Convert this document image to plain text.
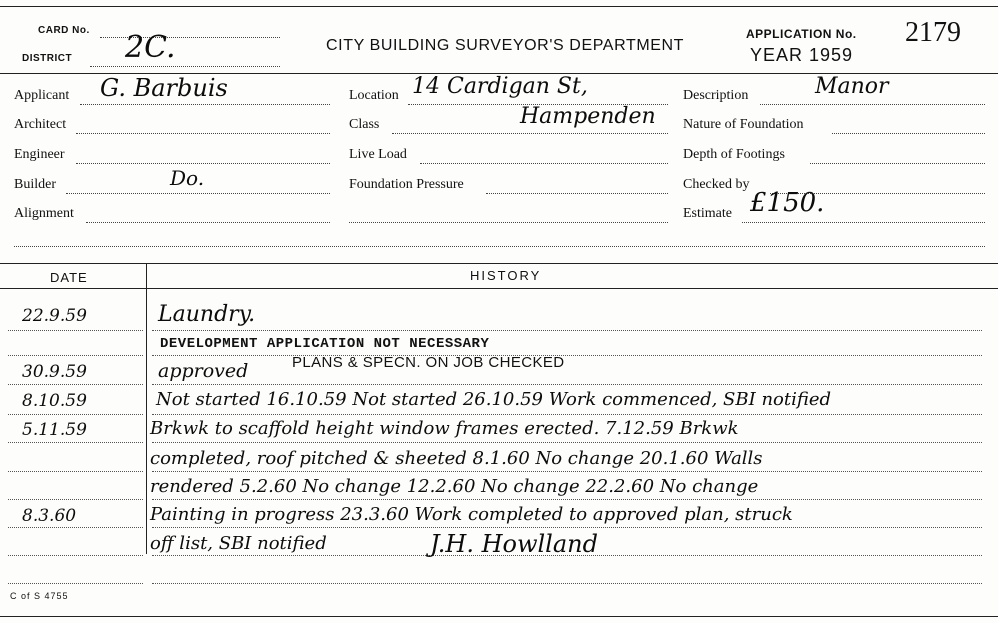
CARD No.
DISTRICT 2C.	CITY BUILDING SURVEYOR'S DEPARTMENT
APPLICATION No. 2179
YEAR 1959
Applicant G. Barbuis
Architect
Engineer
Builder	Do.
Alignment
Location 14 Cardigan St,
Class	Hampenden
Live Load
Foundation Pressure
Description	Manor
Nature of Foundation
Depth of Footings
Checked by
Estimate £150.
DATE	HISTORY
22.9.59	Laundry.
DEVELOPMENT APPLICATION NOT NECESSARY
30.9.59	approved	PLANS & SPECN. ON JOB CHECKED
8.10.59	Not started 16.10.59 Not started 26.10.59 Work commenced, SBI notified
5.11.59	Brkwk to scaffold height window frames erected. 7.12.59 Brkwk
completed, roof pitched & sheeted 8.1.60 No change 20.1.60 Walls
rendered 5.2.60 No change 12.2.60 No change 22.2.60 No change
8.3.60	Painting in progress 23.3.60 Work completed to approved plan, struck
off list, SBI notified	J.H. Howlland
C of S 4755
